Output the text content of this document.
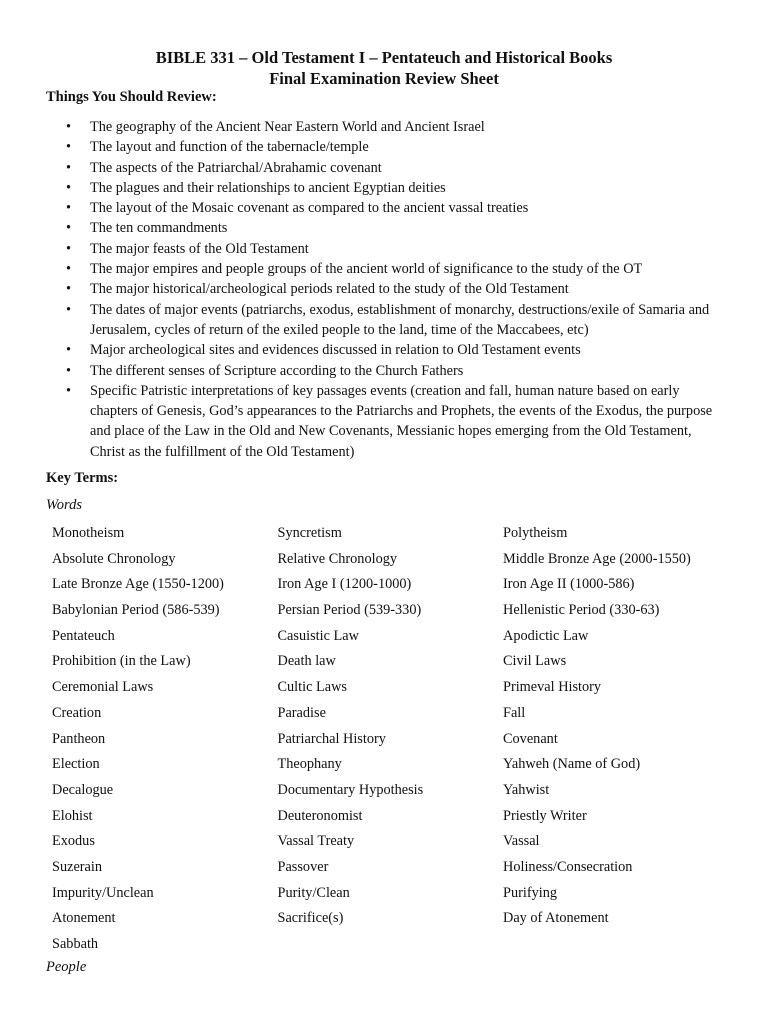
BIBLE 331 – Old Testament I – Pentateuch and Historical Books
Final Examination Review Sheet
Things You Should Review:
• The geography of the Ancient Near Eastern World and Ancient Israel
• The layout and function of the tabernacle/temple
• The aspects of the Patriarchal/Abrahamic covenant
• The plagues and their relationships to ancient Egyptian deities
• The layout of the Mosaic covenant as compared to the ancient vassal treaties
• The ten commandments
• The major feasts of the Old Testament
• The major empires and people groups of the ancient world of significance to the study of the OT
• The major historical/archeological periods related to the study of the Old Testament
• The dates of major events (patriarchs, exodus, establishment of monarchy, destructions/exile of Samaria and Jerusalem, cycles of return of the exiled people to the land, time of the Maccabees, etc)
• Major archeological sites and evidences discussed in relation to Old Testament events
• The different senses of Scripture according to the Church Fathers
• Specific Patristic interpretations of key passages events (creation and fall, human nature based on early chapters of Genesis, God’s appearances to the Patriarchs and Prophets, the events of the Exodus, the purpose and place of the Law in the Old and New Covenants, Messianic hopes emerging from the Old Testament, Christ as the fulfillment of the Old Testament)
Key Terms:
Words
Monotheism	Syncretism	Polytheism
Absolute Chronology	Relative Chronology	Middle Bronze Age (2000-1550)
Late Bronze Age (1550-1200)	Iron Age I (1200-1000)	Iron Age II (1000-586)
Babylonian Period (586-539)	Persian Period (539-330)	Hellenistic Period (330-63)
Pentateuch	Casuistic Law	Apodictic Law
Prohibition (in the Law)	Death law	Civil Laws
Ceremonial Laws	Cultic Laws	Primeval History
Creation	Paradise	Fall
Pantheon	Patriarchal History	Covenant
Election	Theophany	Yahweh (Name of God)
Decalogue	Documentary Hypothesis	Yahwist
Elohist	Deuteronomist	Priestly Writer
Exodus	Vassal Treaty	Vassal
Suzerain	Passover	Holiness/Consecration
Impurity/Unclean	Purity/Clean	Purifying
Atonement	Sacrifice(s)	Day of Atonement
Sabbath
People
